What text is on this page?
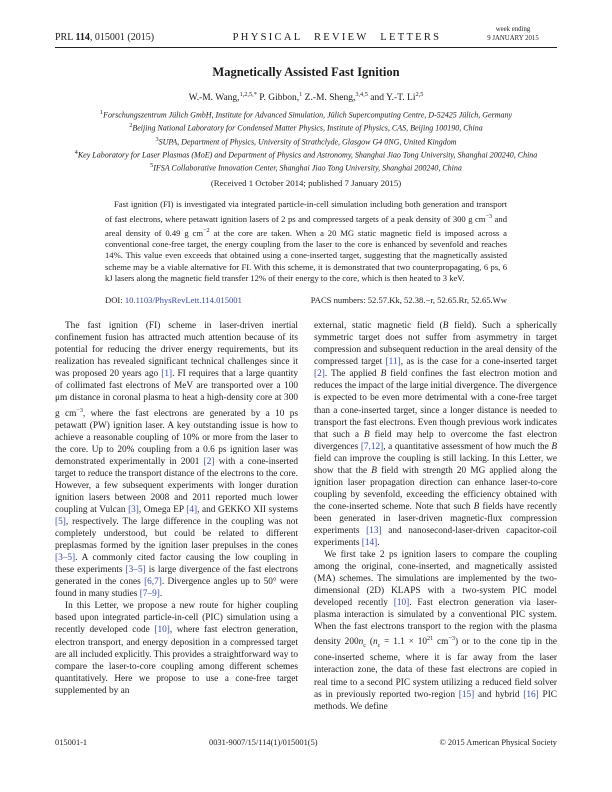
PRL 114, 015001 (2015)	PHYSICAL REVIEW LETTERS
week ending
9 JANUARY 2015
Magnetically Assisted Fast Ignition
W.-M. Wang,$^{1,2,5,*}$ P. Gibbon,$^1$ Z.-M. Sheng,$^{3,4,5}$ and Y.-T. Li$^{2,5}$
$^1$Forschungszentrum Jülich GmbH, Institute for Advanced Simulation, Jülich Supercomputing Centre, D-52425 Jülich, Germany
$^2$Beijing National Laboratory for Condensed Matter Physics, Institute of Physics, CAS, Beijing 100190, China
$^3$SUPA, Department of Physics, University of Strathclyde, Glasgow G4 0NG, United Kingdom
$^4$Key Laboratory for Laser Plasmas (MoE) and Department of Physics and Astronomy, Shanghai Jiao Tong University, Shanghai 200240, China
$^5$IFSA Collaborative Innovation Center, Shanghai Jiao Tong University, Shanghai 200240, China
(Received 1 October 2014; published 7 January 2015)
Fast ignition (FI) is investigated via integrated particle-in-cell simulation including both generation and transport of fast electrons, where petawatt ignition lasers of 2 ps and compressed targets of a peak density of 300 g $cm^{-3}$ and areal density of 0.49 g $cm^{-2}$ at the core are taken. When a 20 MG static magnetic field is imposed across a conventional cone-free target, the energy coupling from the laser to the core is enhanced by sevenfold and reaches 14%. This value even exceeds that obtained using a cone-inserted target, suggesting that the magnetically assisted scheme may be a viable alternative for FI. With this scheme, it is demonstrated that two counterpropagating, 6 ps, 6 kJ lasers along the magnetic field transfer 12% of their energy to the core, which is then heated to 3 keV.
DOI: 10.1103/PhysRevLett.114.015001	PACS numbers: 52.57.Kk, 52.38.−r, 52.65.Rr, 52.65.Ww

The fast ignition (FI) scheme in laser-driven inertial confinement fusion has attracted much attention because of its potential for reducing the driver energy requirements, but its realization has revealed significant technical challenges since it was proposed 20 years ago [1]. FI requires that a large quantity of collimated fast electrons of MeV are transported over a 100 μm distance in coronal plasma to heat a high-density core at 300 g $cm^{-3}$, where the fast electrons are generated by a 10 ps petawatt (PW) ignition laser. A key outstanding issue is how to achieve a reasonable coupling of 10% or more from the laser to the core. Up to 20% coupling from a 0.6 ps ignition laser was demonstrated experimentally in 2001 [2] with a cone-inserted target to reduce the transport distance of the electrons to the core. However, a few subsequent experiments with longer duration ignition lasers between 2008 and 2011 reported much lower coupling at Vulcan [3], Omega EP [4], and GEKKO XII systems [5], respectively. The large difference in the coupling was not completely understood, but could be related to different preplasmas formed by the ignition laser prepulses in the cones [3–5]. A commonly cited factor causing the low coupling in these experiments [3–5] is large divergence of the fast electrons generated in the cones [6,7]. Divergence angles up to 50° were found in many studies [7–9].

In this Letter, we propose a new route for higher coupling based upon integrated particle-in-cell (PIC) simulation using a recently developed code [10], where fast electron generation, electron transport, and energy deposition in a compressed target are all included explicitly. This provides a straightforward way to compare the laser-to-core coupling among different schemes quantitatively. Here we propose to use a cone-free target supplemented by an

external, static magnetic field (B field). Such a spherically symmetric target does not suffer from asymmetry in target compression and subsequent reduction in the areal density of the compressed target [11], as is the case for a cone-inserted target [2]. The applied B field confines the fast electron motion and reduces the impact of the large initial divergence. The divergence is expected to be even more detrimental with a cone-free target than a cone-inserted target, since a longer distance is needed to transport the fast electrons. Even though previous work indicates that such a B field may help to overcome the fast electron divergences [7,12], a quantitative assessment of how much the B field can improve the coupling is still lacking. In this Letter, we show that the B field with strength 20 MG applied along the ignition laser propagation direction can enhance laser-to-core coupling by sevenfold, exceeding the efficiency obtained with the cone-inserted scheme. Note that such B fields have recently been generated in laser-driven magnetic-flux compression experiments [13] and nanosecond-laser-driven capacitor-coil experiments [14].

We first take 2 ps ignition lasers to compare the coupling among the original, cone-inserted, and magnetically assisted (MA) schemes. The simulations are implemented by the two-dimensional (2D) KLAPS with a two-system PIC model developed recently [10]. Fast electron generation via laser-plasma interaction is simulated by a conventional PIC system. When the fast electrons transport to the region with the plasma density $200n_c$ ($n_c = 1.1 \times 10^{21}$ $cm^{-3}$) or to the cone tip in the cone-inserted scheme, where it is far away from the laser interaction zone, the data of these fast electrons are copied in real time to a second PIC system utilizing a reduced field solver as in previously reported two-region [15] and hybrid [16] PIC methods. We define

015001-1	0031-9007/15/114(1)/015001(5)	© 2015 American Physical Society
